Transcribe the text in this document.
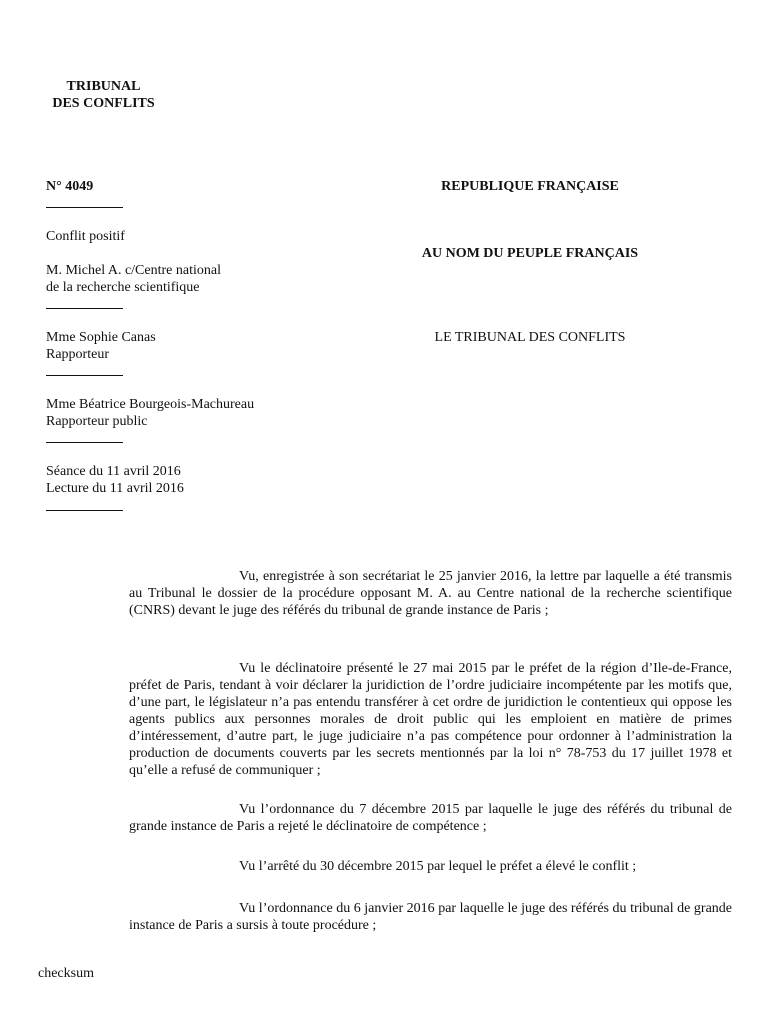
TRIBUNAL
DES CONFLITS
N° 4049
Conflit positif
M. Michel A. c/Centre national
de la recherche scientifique
Mme Sophie Canas
Rapporteur
Mme Béatrice Bourgeois-Machureau
Rapporteur public
Séance du 11 avril 2016
Lecture du 11 avril 2016
REPUBLIQUE FRANÇAISE
AU NOM DU PEUPLE FRANÇAIS
LE TRIBUNAL DES CONFLITS

Vu, enregistrée à son secrétariat le 25 janvier 2016, la lettre par laquelle a été transmis au Tribunal le dossier de la procédure opposant M. A. au Centre national de la recherche scientifique (CNRS) devant le juge des référés du tribunal de grande instance de Paris ;

Vu le déclinatoire présenté le 27 mai 2015 par le préfet de la région d’Ile-de-France, préfet de Paris, tendant à voir déclarer la juridiction de l’ordre judiciaire incompétente par les motifs que, d’une part, le législateur n’a pas entendu transférer à cet ordre de juridiction le contentieux qui oppose les agents publics aux personnes morales de droit public qui les emploient en matière de primes d’intéressement, d’autre part, le juge judiciaire n’a pas compétence pour ordonner à l’administration la production de documents couverts par les secrets mentionnés par la loi n° 78-753 du 17 juillet 1978 et qu’elle a refusé de communiquer ;

Vu l’ordonnance du 7 décembre 2015 par laquelle le juge des référés du tribunal de grande instance de Paris a rejeté le déclinatoire de compétence ;

Vu l’arrêté du 30 décembre 2015 par lequel le préfet a élevé le conflit ;

Vu l’ordonnance du 6 janvier 2016 par laquelle le juge des référés du tribunal de grande instance de Paris a sursis à toute procédure ;

checksum
